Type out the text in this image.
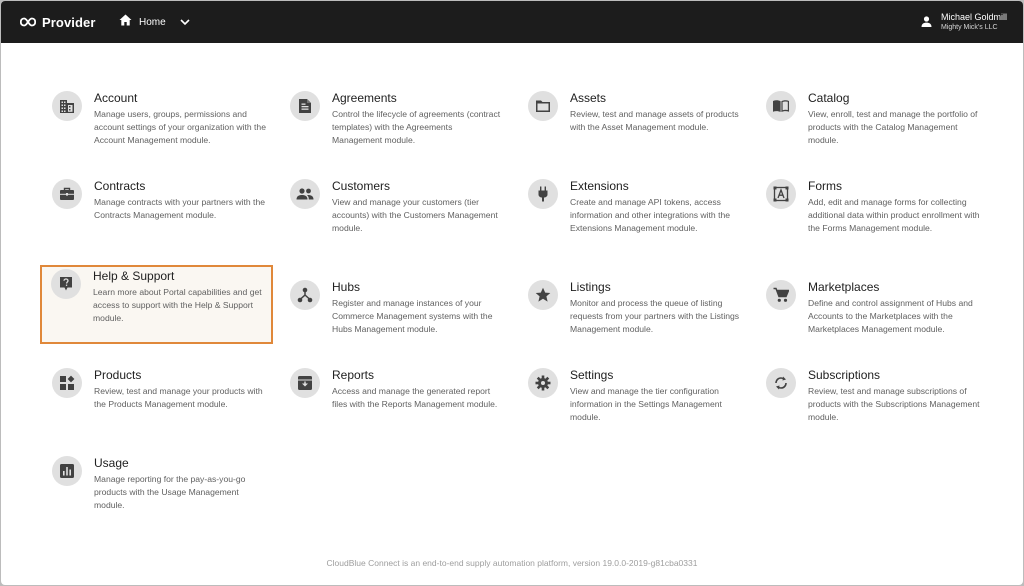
Provider	Home	Michael Goldmill
Mighty Mick's LLC
Account
Manage users, groups, permissions and account settings of your organization with the Account Management module.
Agreements
Control the lifecycle of agreements (contract templates) with the Agreements Management module.
Assets
Review, test and manage assets of products with the Asset Management module.
Catalog
View, enroll, test and manage the portfolio of products with the Catalog Management module.
Contracts
Manage contracts with your partners with the Contracts Management module.
Customers
View and manage your customers (tier accounts) with the Customers Management module.
Extensions
Create and manage API tokens, access information and other integrations with the Extensions Management module.
Forms
Add, edit and manage forms for collecting additional data within product enrollment with the Forms Management module.
Help & Support
Learn more about Portal capabilities and get access to support with the Help & Support module.
Hubs
Register and manage instances of your Commerce Management systems with the Hubs Management module.
Listings
Monitor and process the queue of listing requests from your partners with the Listings Management module.
Marketplaces
Define and control assignment of Hubs and Accounts to the Marketplaces with the Marketplaces Management module.
Products
Review, test and manage your products with the Products Management module.
Reports
Access and manage the generated report files with the Reports Management module.
Settings
View and manage the tier configuration information in the Settings Management module.
Subscriptions
Review, test and manage subscriptions of products with the Subscriptions Management module.
Usage
Manage reporting for the pay-as-you-go products with the Usage Management module.
CloudBlue Connect is an end-to-end supply automation platform, version 19.0.0-2019-g81cba0331
